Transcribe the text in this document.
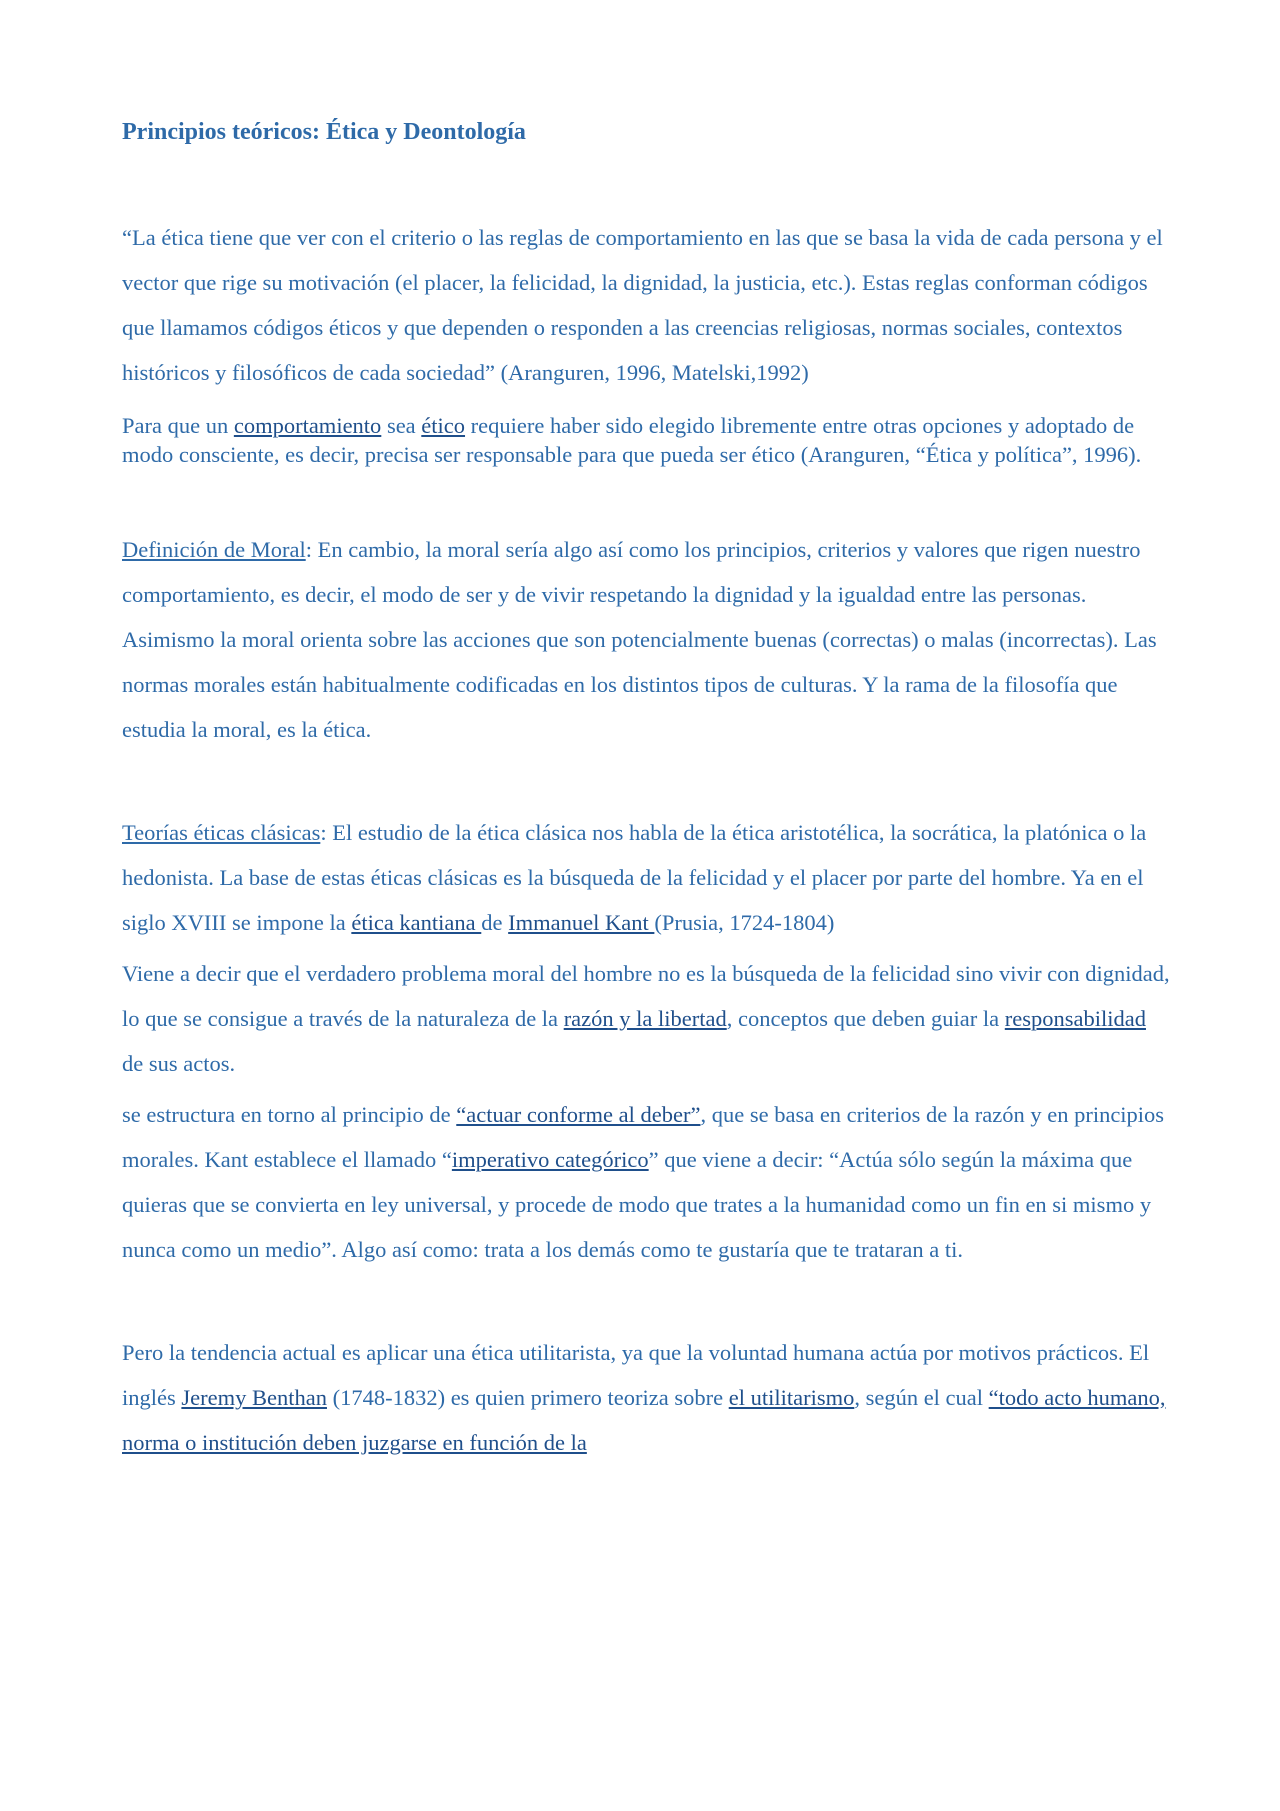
Principios teóricos: Ética y Deontología

“La ética tiene que ver con el criterio o las reglas de comportamiento en las que se basa la vida de cada persona y el vector que rige su motivación (el placer, la felicidad, la dignidad, la justicia, etc.). Estas reglas conforman códigos que llamamos códigos éticos y que dependen o responden a las creencias religiosas, normas sociales, contextos históricos y filosóficos de cada sociedad” (Aranguren, 1996, Matelski,1992)

Para que un comportamiento sea ético requiere haber sido elegido libremente entre otras opciones y adoptado de modo consciente, es decir, precisa ser responsable para que pueda ser ético (Aranguren, “Ética y política”, 1996).

Definición de Moral: En cambio, la moral sería algo así como los principios, criterios y valores que rigen nuestro comportamiento, es decir, el modo de ser y de vivir respetando la dignidad y la igualdad entre las personas. Asimismo la moral orienta sobre las acciones que son potencialmente buenas (correctas) o malas (incorrectas). Las normas morales están habitualmente codificadas en los distintos tipos de culturas. Y la rama de la filosofía que estudia la moral, es la ética.

Teorías éticas clásicas: El estudio de la ética clásica nos habla de la ética aristotélica, la socrática, la platónica o la hedonista. La base de estas éticas clásicas es la búsqueda de la felicidad y el placer por parte del hombre. Ya en el siglo XVIII se impone la ética kantiana de Immanuel Kant (Prusia, 1724-1804)

Viene a decir que el verdadero problema moral del hombre no es la búsqueda de la felicidad sino vivir con dignidad, lo que se consigue a través de la naturaleza de la razón y la libertad, conceptos que deben guiar la responsabilidad de sus actos.

se estructura en torno al principio de “actuar conforme al deber”, que se basa en criterios de la razón y en principios morales. Kant establece el llamado “imperativo categórico” que viene a decir: “Actúa sólo según la máxima que quieras que se convierta en ley universal, y procede de modo que trates a la humanidad como un fin en si mismo y nunca como un medio”. Algo así como: trata a los demás como te gustaría que te trataran a ti.

Pero la tendencia actual es aplicar una ética utilitarista, ya que la voluntad humana actúa por motivos prácticos. El inglés Jeremy Benthan (1748-1832) es quien primero teoriza sobre el utilitarismo, según el cual “todo acto humano, norma o institución deben juzgarse en función de la
